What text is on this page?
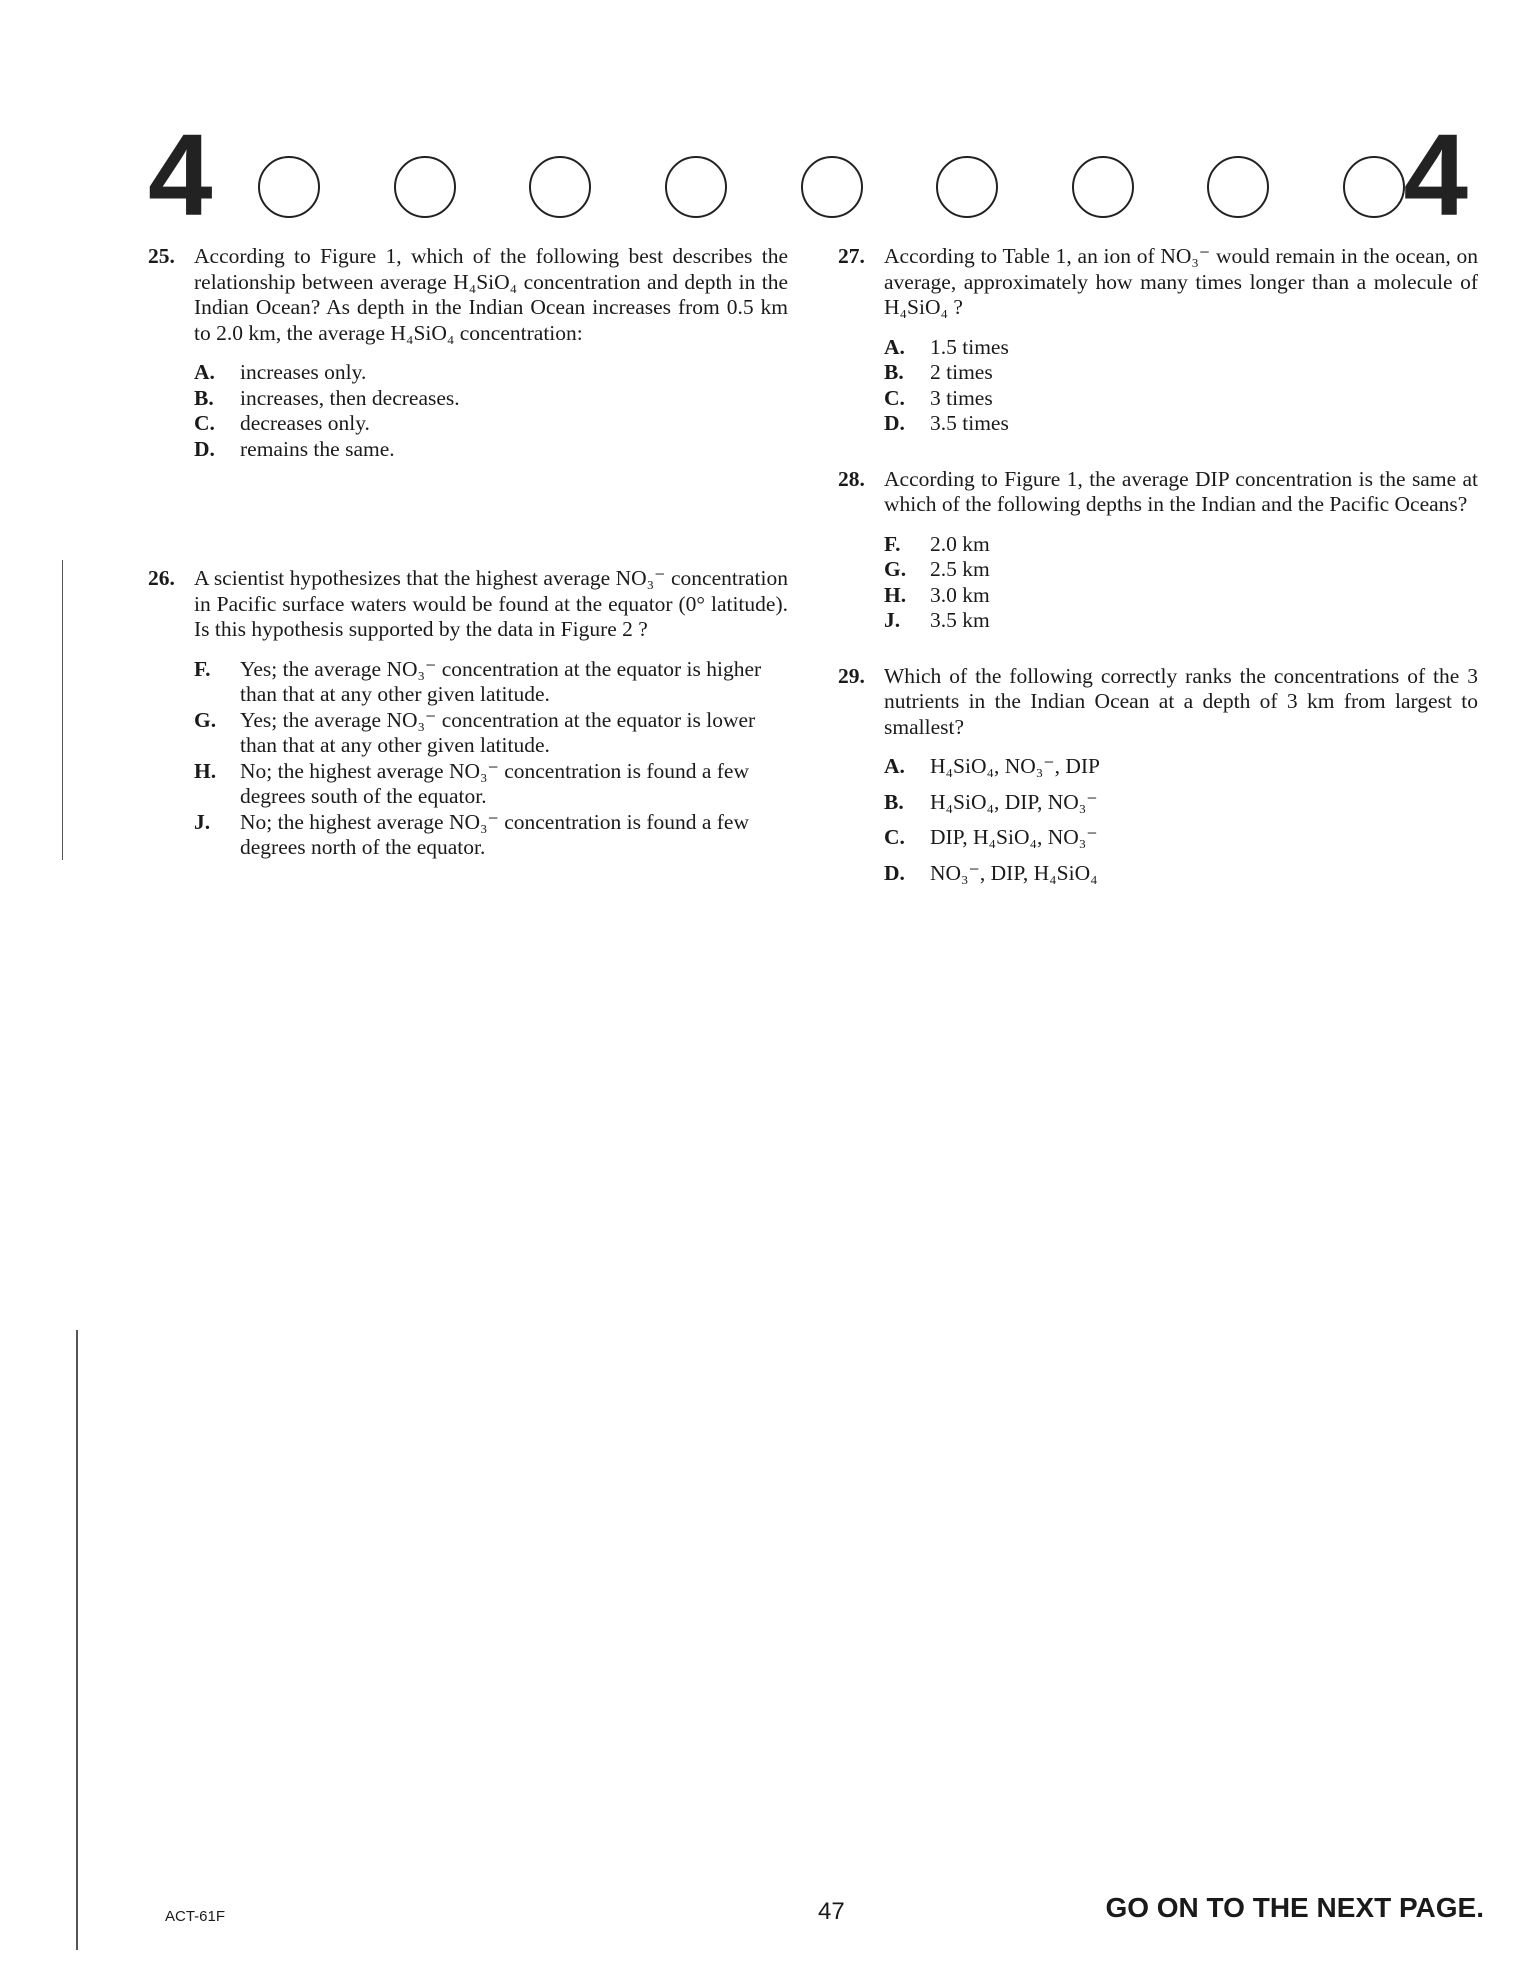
4	4
25. According to Figure 1, which of the following best describes the relationship between average H₄SiO₄ concentration and depth in the Indian Ocean? As depth in the Indian Ocean increases from 0.5 km to 2.0 km, the average H₄SiO₄ concentration:
A. increases only.
B. increases, then decreases.
C. decreases only.
D. remains the same.
26. A scientist hypothesizes that the highest average NO₃⁻ concentration in Pacific surface waters would be found at the equator (0° latitude). Is this hypothesis supported by the data in Figure 2 ?
F. Yes; the average NO₃⁻ concentration at the equator is higher than that at any other given latitude.
G. Yes; the average NO₃⁻ concentration at the equator is lower than that at any other given latitude.
H. No; the highest average NO₃⁻ concentration is found a few degrees south of the equator.
J. No; the highest average NO₃⁻ concentration is found a few degrees north of the equator.
27. According to Table 1, an ion of NO₃⁻ would remain in the ocean, on average, approximately how many times longer than a molecule of H₄SiO₄ ?
A. 1.5 times
B. 2 times
C. 3 times
D. 3.5 times
28. According to Figure 1, the average DIP concentration is the same at which of the following depths in the Indian and the Pacific Oceans?
F. 2.0 km
G. 2.5 km
H. 3.0 km
J. 3.5 km
29. Which of the following correctly ranks the concentrations of the 3 nutrients in the Indian Ocean at a depth of 3 km from largest to smallest?
A. H₄SiO₄, NO₃⁻, DIP
B. H₄SiO₄, DIP, NO₃⁻
C. DIP, H₄SiO₄, NO₃⁻
D. NO₃⁻, DIP, H₄SiO₄
ACT-61F	47	GO ON TO THE NEXT PAGE.
